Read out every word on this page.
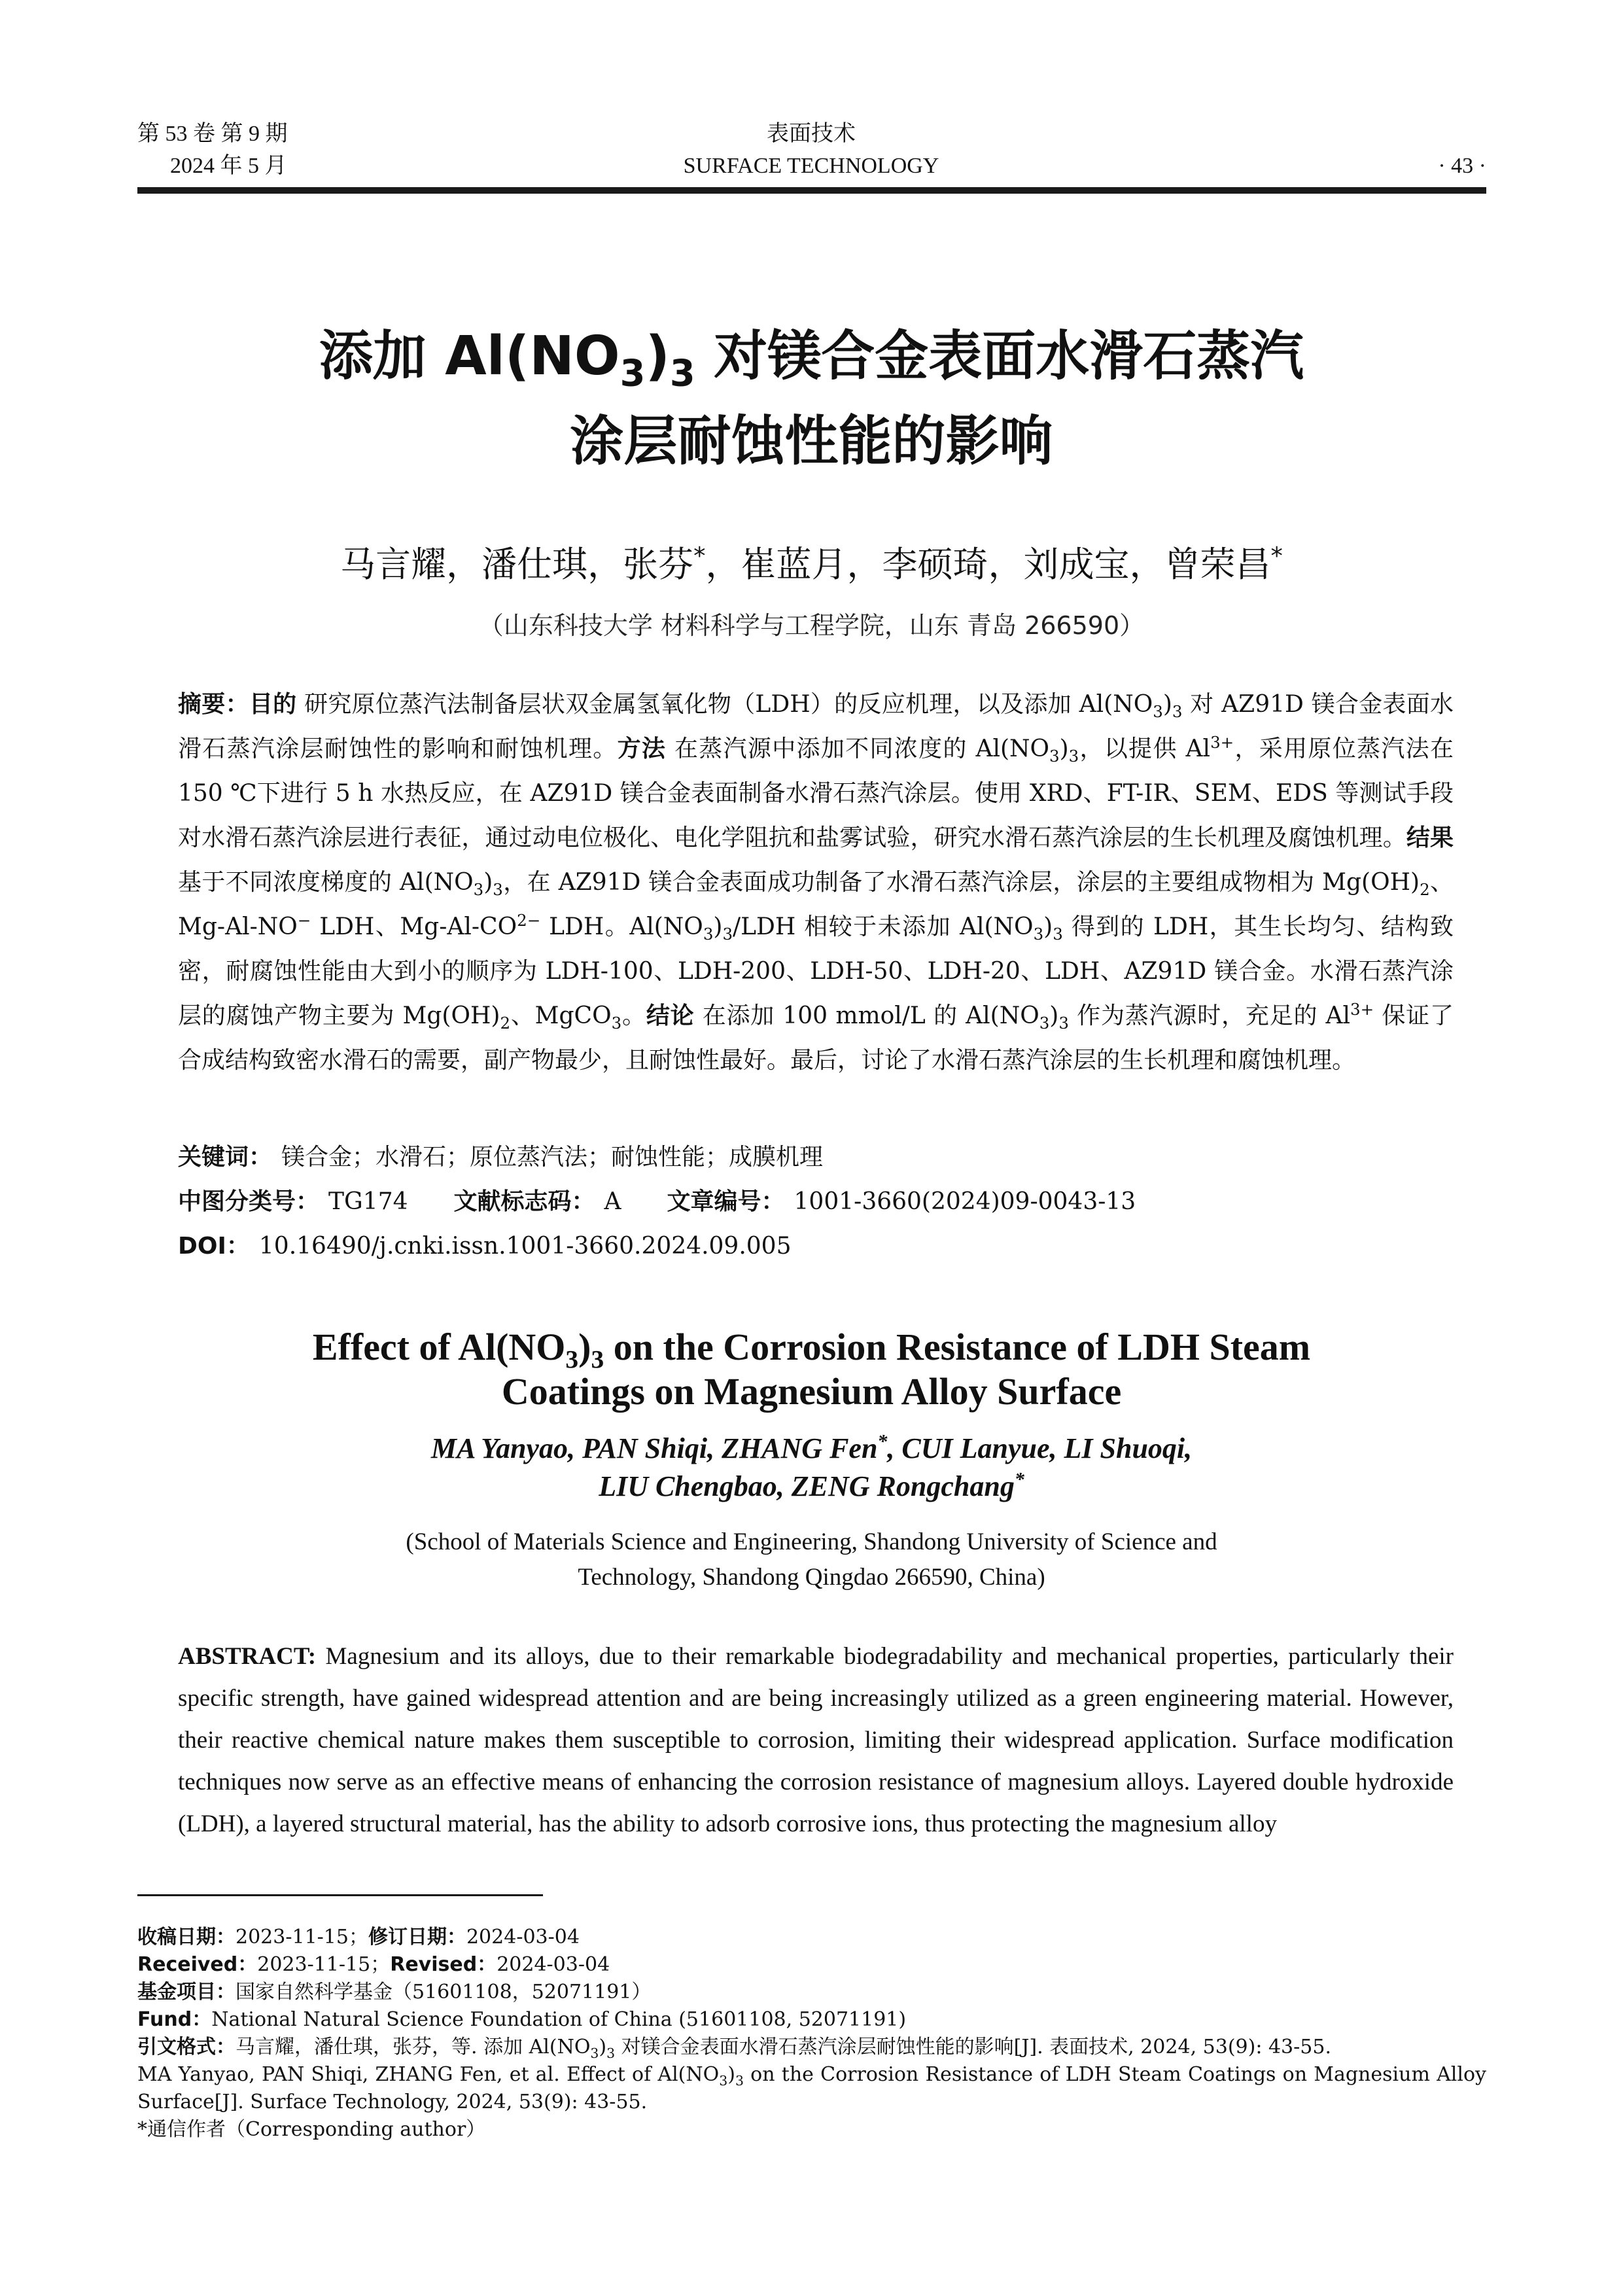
第 53 卷 第 9 期
2024 年 5 月
表面技术
SURFACE TECHNOLOGY	· 43 ·
添加 $Al(NO_3)_3$ 对镁合金表面水滑石蒸汽
涂层耐蚀性能的影响
马言耀，潘仕琪，张芬*，崔蓝月，李硕琦，刘成宝，曾荣昌*
（山东科技大学 材料科学与工程学院，山东 青岛 266590）
摘要：目的 研究原位蒸汽法制备层状双金属氢氧化物（LDH）的反应机理，以及添加 $Al(NO_3)_3$ 对 AZ91D 镁合金表面水滑石蒸汽涂层耐蚀性的影响和耐蚀机理。方法 在蒸汽源中添加不同浓度的 $Al(NO_3)_3$，以提供 $Al^{3+}$，采用原位蒸汽法在 150 ℃下进行 5 h 水热反应，在 AZ91D 镁合金表面制备水滑石蒸汽涂层。使用 XRD、FT-IR、SEM、EDS 等测试手段对水滑石蒸汽涂层进行表征，通过动电位极化、电化学阻抗和盐雾试验，研究水滑石蒸汽涂层的生长机理及腐蚀机理。结果 基于不同浓度梯度的 $Al(NO_3)_3$，在 AZ91D 镁合金表面成功制备了水滑石蒸汽涂层，涂层的主要组成物相为 $Mg(OH)_2$、Mg-Al-NO− LDH、$Mg-Al-CO^{2-}$ LDH。$Al(NO_3)_3$/LDH 相较于未添加 $Al(NO_3)_3$ 得到的 LDH，其生长均匀、结构致密，耐腐蚀性能由大到小的顺序为 LDH-100、LDH-200、LDH-50、LDH-20、LDH、AZ91D 镁合金。水滑石蒸汽涂层的腐蚀产物主要为 $Mg(OH)_2$、MgCO$_3$。结论 在添加 100 mmol/L 的 $Al(NO_3)_3$ 作为蒸汽源时，充足的 $Al^{3+}$ 保证了合成结构致密水滑石的需要，副产物最少，且耐蚀性最好。最后，讨论了水滑石蒸汽涂层的生长机理和腐蚀机理。
关键词： 镁合金；水滑石；原位蒸汽法；耐蚀性能；成膜机理
中图分类号： TG174 文献标志码： A 文章编号： 1001-3660(2024)09-0043-13
DOI： 10.16490/j.cnki.issn.1001-3660.2024.09.005
Effect of $Al(NO_3)_3$ on the Corrosion Resistance of LDH Steam
Coatings on Magnesium Alloy Surface
MA Yanyao, PAN Shiqi, ZHANG Fen*, CUI Lanyue, LI Shuoqi,
LIU Chengbao, ZENG Rongchang*
(School of Materials Science and Engineering, Shandong University of Science and
Technology, Shandong Qingdao 266590, China)
ABSTRACT: Magnesium and its alloys, due to their remarkable biodegradability and mechanical properties, particularly their specific strength, have gained widespread attention and are being increasingly utilized as a green engineering material. However, their reactive chemical nature makes them susceptible to corrosion, limiting their widespread application. Surface modification techniques now serve as an effective means of enhancing the corrosion resistance of magnesium alloys. Layered double hydroxide (LDH), a layered structural material, has the ability to adsorb corrosive ions, thus protecting the magnesium alloy
收稿日期：2023-11-15；修订日期：2024-03-04
Received：2023-11-15；Revised：2024-03-04
基金项目：国家自然科学基金（51601108，52071191）
Fund：National Natural Science Foundation of China (51601108, 52071191)
引文格式：马言耀，潘仕琪，张芬，等. 添加 $Al(NO_3)_3$ 对镁合金表面水滑石蒸汽涂层耐蚀性能的影响[J]. 表面技术, 2024, 53(9): 43-55.
MA Yanyao, PAN Shiqi, ZHANG Fen, et al. Effect of $Al(NO_3)_3$ on the Corrosion Resistance of LDH Steam Coatings on Magnesium Alloy Surface[J]. Surface Technology, 2024, 53(9): 43-55.
*通信作者（Corresponding author）
